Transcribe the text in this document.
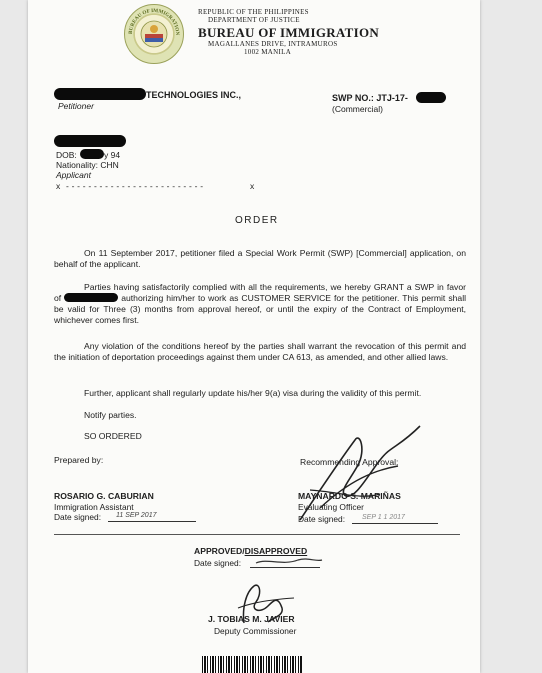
BUREAU OF IMMIGRATION
REPUBLIC OF THE PHILIPPINES
DEPARTMENT OF JUSTICE
BUREAU OF IMMIGRATION
MAGALLANES DRIVE, INTRAMUROS
1002 MANILA
TECHNOLOGIES INC.,
Petitioner
SWP NO.: JTJ-17-
(Commercial)
DOB:	y 94
Nationality: CHN
Applicant
x - - - - - - - - - - - - - - - - - - - - - - - - -	x
ORDER
On 11 September 2017, petitioner filed a Special Work Permit (SWP) [Commercial] application, on behalf of the applicant.
Parties having satisfactorily complied with all the requirements, we hereby GRANT a SWP in favor of	authorizing him/her to work as CUSTOMER SERVICE for the petitioner. This permit shall be valid for Three (3) months from approval hereof, or until the expiry of the Contract of Employment, whichever comes first.
Any violation of the conditions hereof by the parties shall warrant the revocation of this permit and the initiation of deportation proceedings against them under CA 613, as amended, and other allied laws.
Further, applicant shall regularly update his/her 9(a) visa during the validity of this permit.
Notify parties.
SO ORDERED
Prepared by:
ROSARIO G. CABURIAN
Immigration Assistant
Date signed:	11 SEP 2017
Recommending Approval:
MAYNARDO S. MARIÑAS
Evaluating Officer
Date signed:	SEP 1 1 2017
APPROVED/DISAPPROVED
Date signed:
J. TOBIAS M. JAVIER
Deputy Commissioner
